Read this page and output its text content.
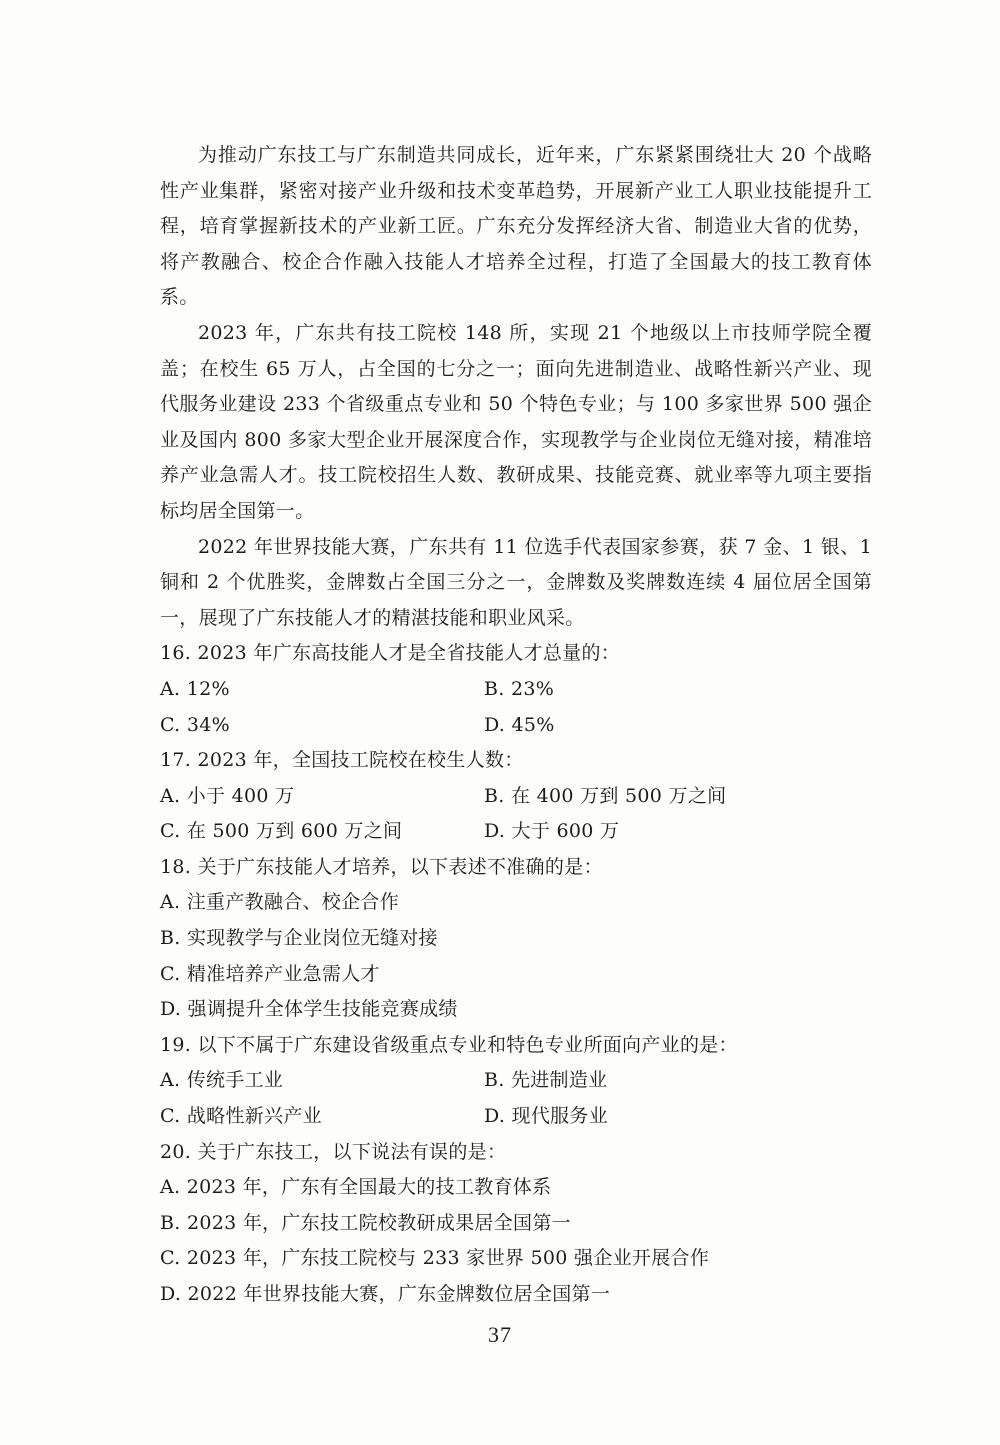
为推动广东技工与广东制造共同成长，近年来，广东紧紧围绕壮大 20 个战略性产业集群，紧密对接产业升级和技术变革趋势，开展新产业工人职业技能提升工程，培育掌握新技术的产业新工匠。广东充分发挥经济大省、制造业大省的优势，将产教融合、校企合作融入技能人才培养全过程，打造了全国最大的技工教育体系。

2023 年，广东共有技工院校 148 所，实现 21 个地级以上市技师学院全覆盖；在校生 65 万人，占全国的七分之一；面向先进制造业、战略性新兴产业、现代服务业建设 233 个省级重点专业和 50 个特色专业；与 100 多家世界 500 强企业及国内 800 多家大型企业开展深度合作，实现教学与企业岗位无缝对接，精准培养产业急需人才。技工院校招生人数、教研成果、技能竞赛、就业率等九项主要指标均居全国第一。

2022 年世界技能大赛，广东共有 11 位选手代表国家参赛，获 7 金、1 银、1 铜和 2 个优胜奖，金牌数占全国三分之一，金牌数及奖牌数连续 4 届位居全国第一，展现了广东技能人才的精湛技能和职业风采。

16. 2023 年广东高技能人才是全省技能人才总量的：

A. 12%	B. 23%
C. 34%	D. 45%

17. 2023 年，全国技工院校在校生人数：

A. 小于 400 万	B. 在 400 万到 500 万之间
C. 在 500 万到 600 万之间	D. 大于 600 万

18. 关于广东技能人才培养，以下表述不准确的是：

A. 注重产教融合、校企合作
B. 实现教学与企业岗位无缝对接
C. 精准培养产业急需人才
D. 强调提升全体学生技能竞赛成绩

19. 以下不属于广东建设省级重点专业和特色专业所面向产业的是：

A. 传统手工业	B. 先进制造业
C. 战略性新兴产业	D. 现代服务业

20. 关于广东技工，以下说法有误的是：

A. 2023 年，广东有全国最大的技工教育体系
B. 2023 年，广东技工院校教研成果居全国第一
C. 2023 年，广东技工院校与 233 家世界 500 强企业开展合作
D. 2022 年世界技能大赛，广东金牌数位居全国第一
37
